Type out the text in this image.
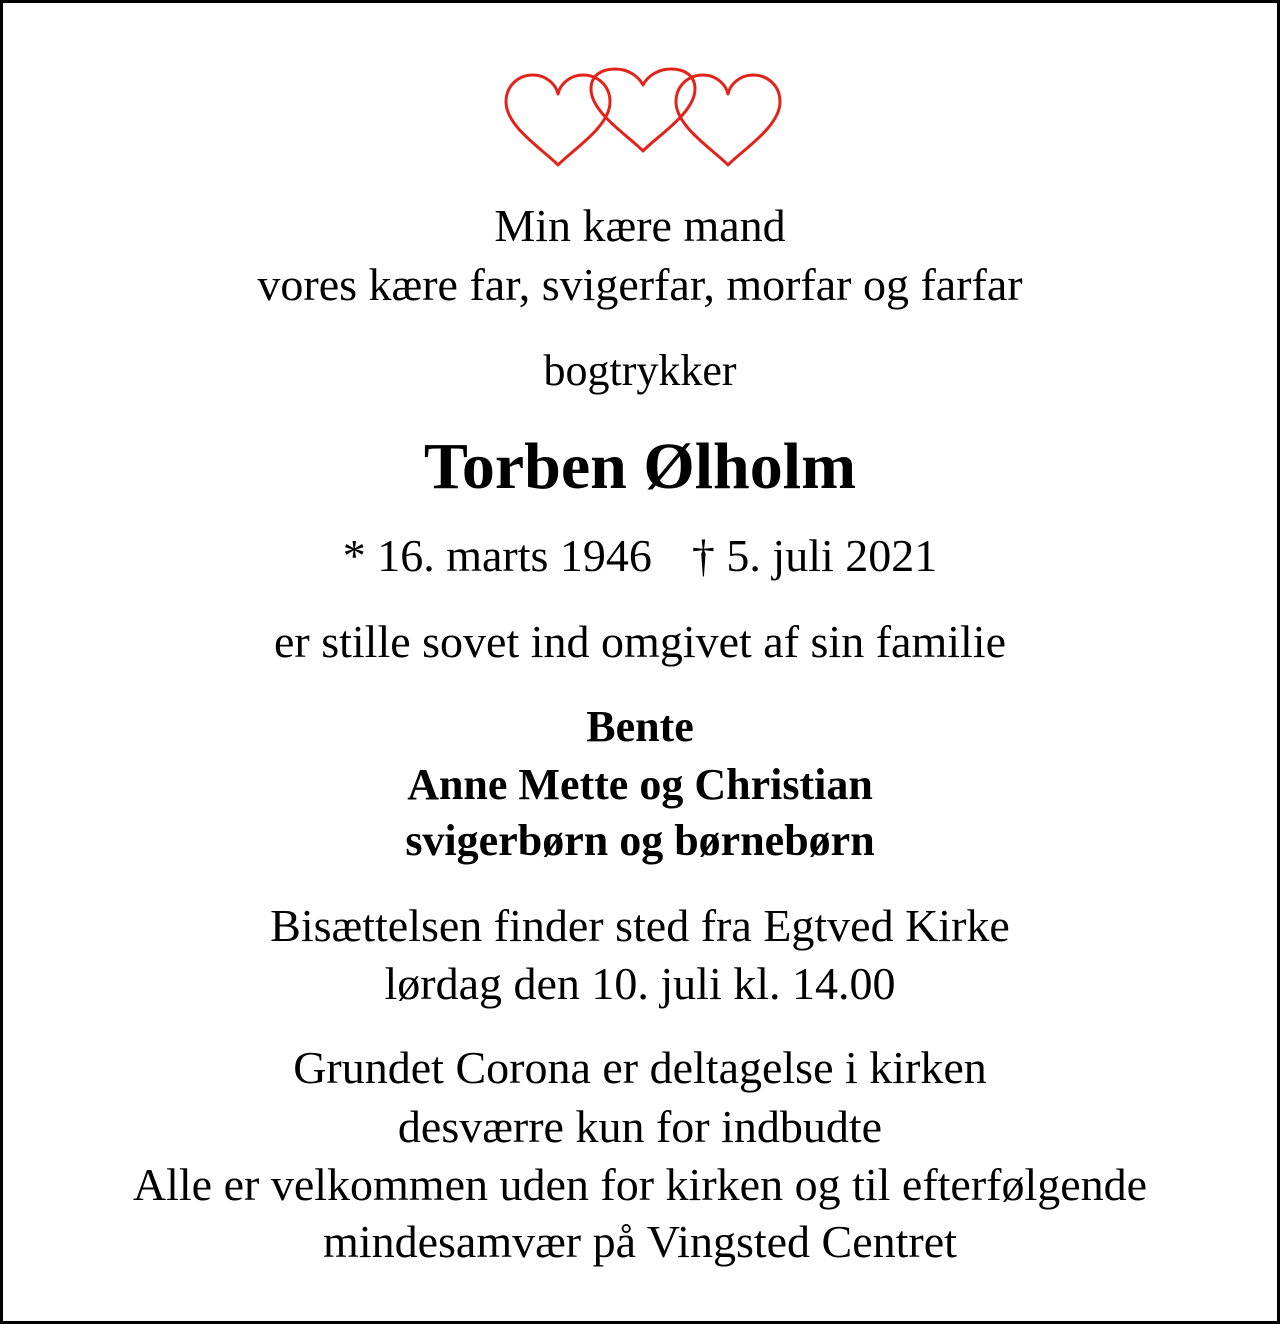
Min kære mand

vores kære far, svigerfar, morfar og farfar

bogtrykker

Torben Ølholm

* 16. marts 1946 † 5. juli 2021

er stille sovet ind omgivet af sin familie

Bente

Anne Mette og Christian

svigerbørn og børnebørn

Bisættelsen finder sted fra Egtved Kirke

lørdag den 10. juli kl. 14.00

Grundet Corona er deltagelse i kirken

desværre kun for indbudte

Alle er velkommen uden for kirken og til efterfølgende

mindesamvær på Vingsted Centret
